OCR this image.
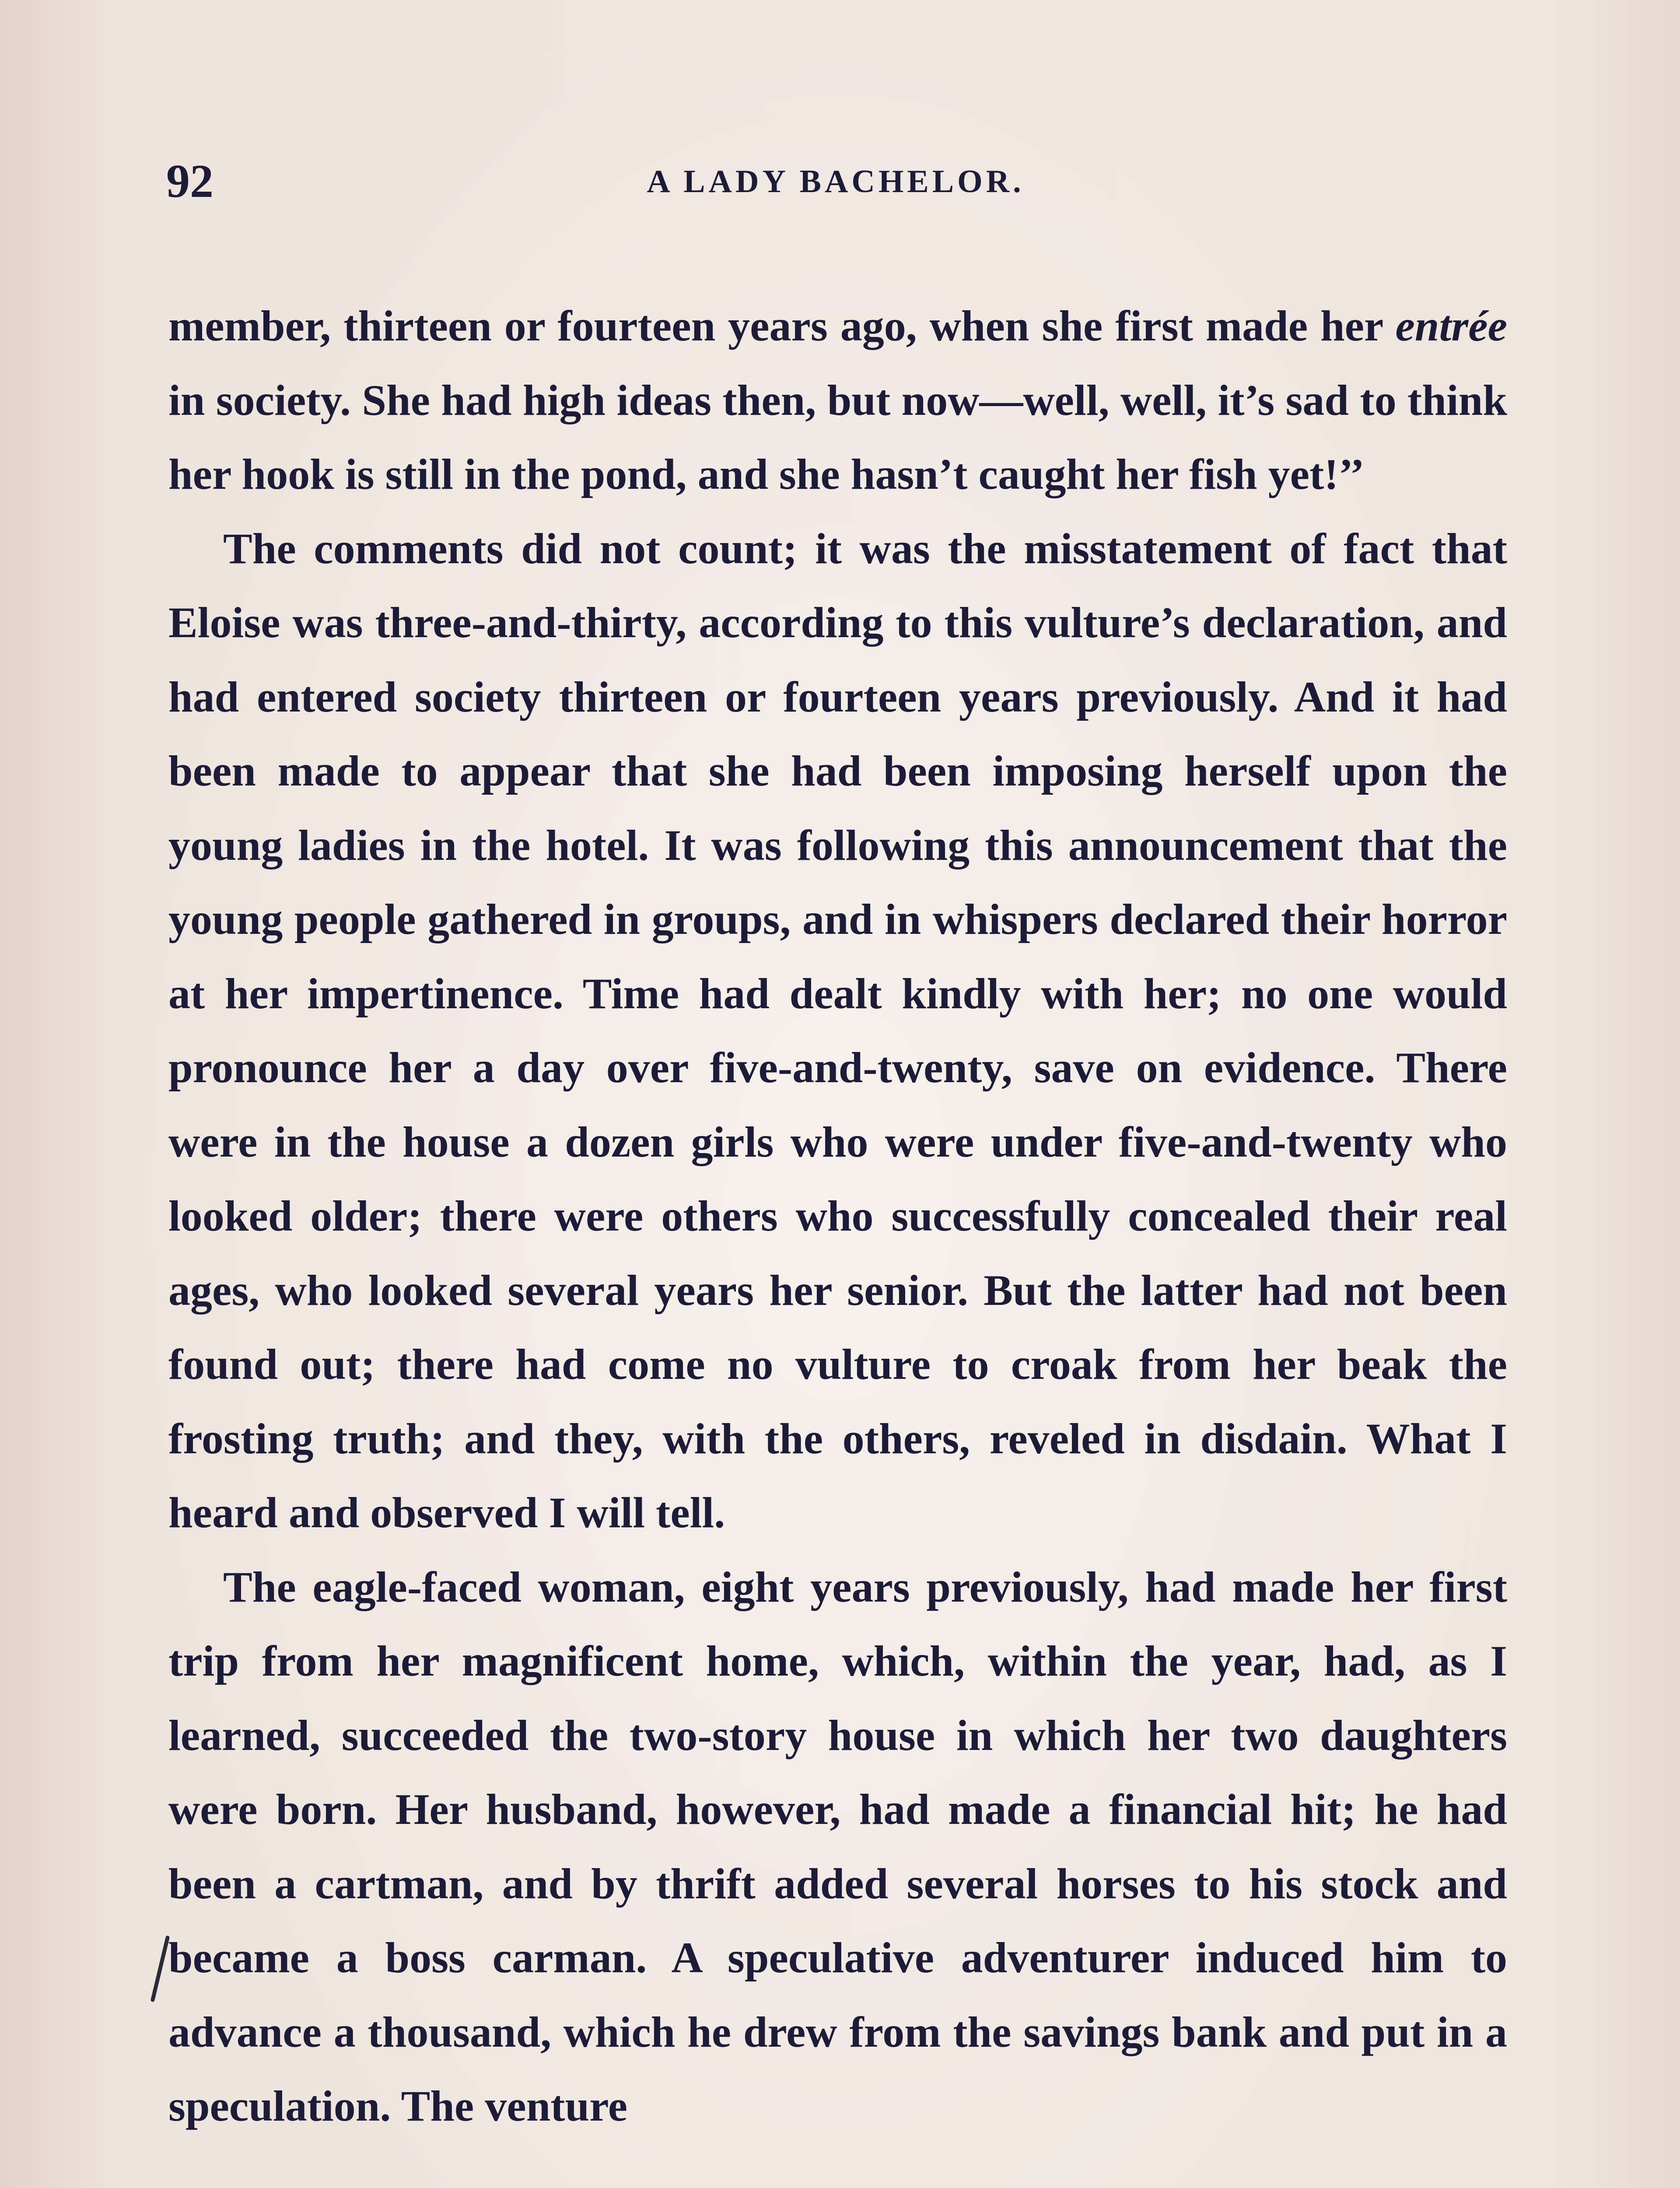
92	A LADY BACHELOR.

member, thirteen or fourteen years ago, when she first made her entrée in society. She had high ideas then, but now—well, well, it’s sad to think her hook is still in the pond, and she hasn’t caught her fish yet!’’

The comments did not count; it was the misstatement of fact that Eloise was three-and-thirty, according to this vulture’s declaration, and had entered society thirteen or fourteen years previously. And it had been made to appear that she had been imposing herself upon the young ladies in the hotel. It was following this announcement that the young people gathered in groups, and in whispers declared their horror at her impertinence. Time had dealt kindly with her; no one would pronounce her a day over five-and-twenty, save on evidence. There were in the house a dozen girls who were under five-and-twenty who looked older; there were others who successfully concealed their real ages, who looked several years her senior. But the latter had not been found out; there had come no vulture to croak from her beak the frosting truth; and they, with the others, reveled in disdain. What I heard and observed I will tell.

The eagle-faced woman, eight years previously, had made her first trip from her magnificent home, which, within the year, had, as I learned, succeeded the two-story house in which her two daughters were born. Her husband, however, had made a financial hit; he had been a cartman, and by thrift added several horses to his stock and became a boss carman. A speculative adventurer induced him to advance a thousand, which he drew from the savings bank and put in a speculation. The venture
